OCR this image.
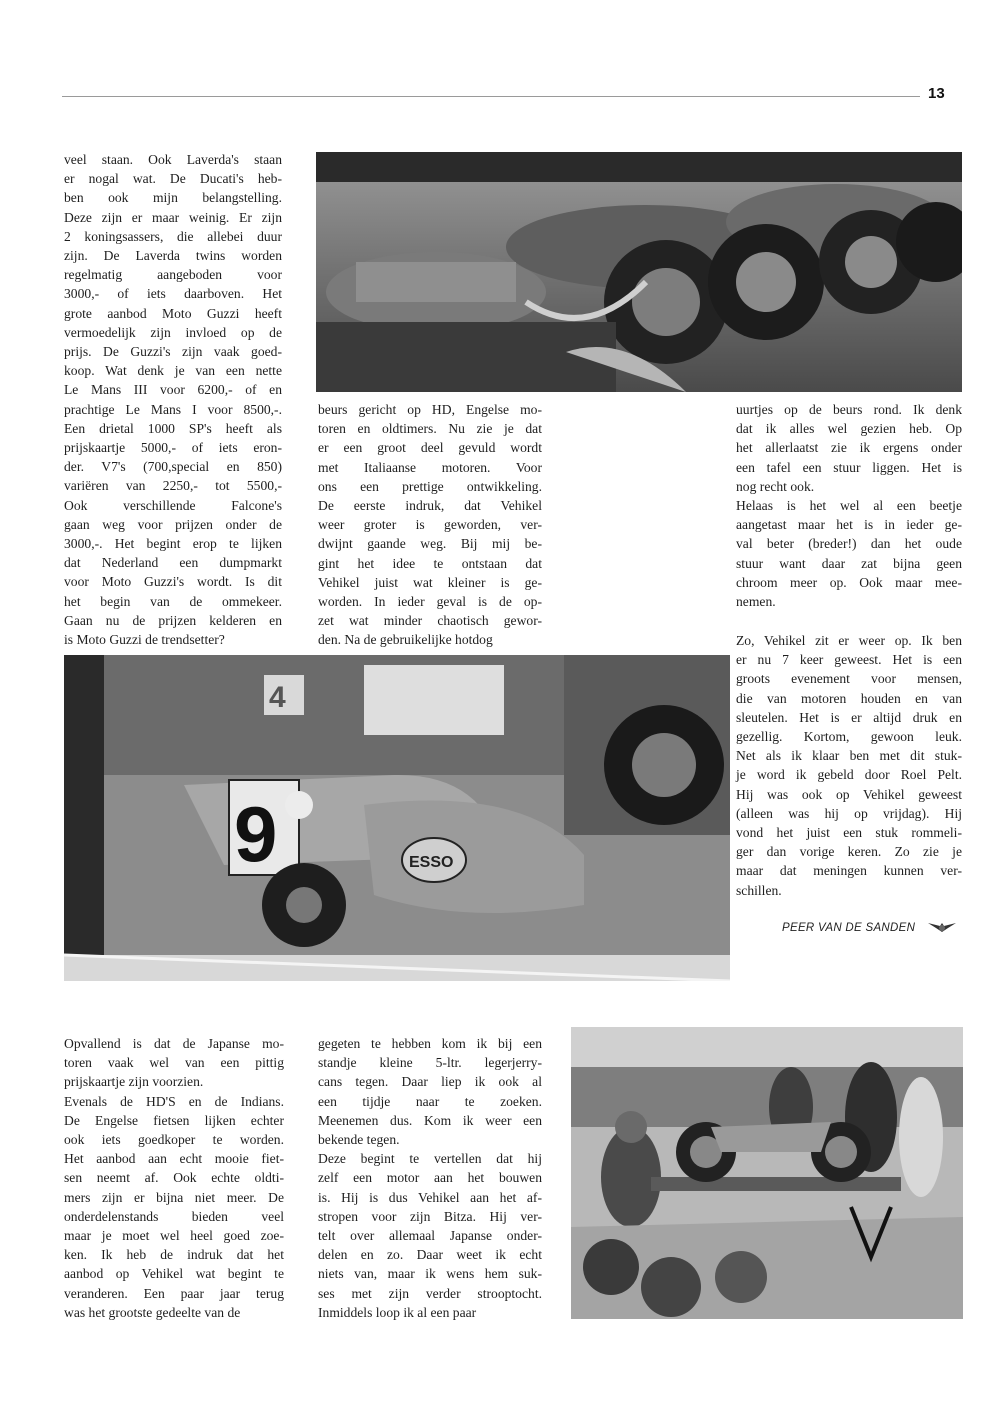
13

veel staan. Ook Laverda's staan
er nogal wat. De Ducati's heb-
ben ook mijn belangstelling.
Deze zijn er maar weinig. Er zijn
2 koningsassers, die allebei duur
zijn. De Laverda twins worden
regelmatig aangeboden voor
3000,- of iets daarboven. Het
grote aanbod Moto Guzzi heeft
vermoedelijk zijn invloed op de
prijs. De Guzzi's zijn vaak goed-
koop. Wat denk je van een nette
Le Mans III voor 6200,- of en
prachtige Le Mans I voor 8500,-.
Een drietal 1000 SP's heeft als
prijskaartje 5000,- of iets eron-
der. V7's (700,special en 850)
variëren van 2250,- tot 5500,-
Ook verschillende Falcone's
gaan weg voor prijzen onder de
3000,-. Het begint erop te lijken
dat Nederland een dumpmarkt
voor Moto Guzzi's wordt. Is dit
het begin van de ommekeer.
Gaan nu de prijzen kelderen en
is Moto Guzzi de trendsetter?

beurs gericht op HD, Engelse mo-
toren en oldtimers. Nu zie je dat
er een groot deel gevuld wordt
met Italiaanse motoren. Voor
ons een prettige ontwikkeling.
De eerste indruk, dat Vehikel
weer groter is geworden, ver-
dwijnt gaande weg. Bij mij be-
gint het idee te ontstaan dat
Vehikel juist wat kleiner is ge-
worden. In ieder geval is de op-
zet wat minder chaotisch gewor-
den. Na de gebruikelijke hotdog

uurtjes op de beurs rond. Ik denk
dat ik alles wel gezien heb. Op
het allerlaatst zie ik ergens onder
een tafel een stuur liggen. Het is
nog recht ook.
Helaas is het wel al een beetje
aangetast maar het is in ieder ge-
val beter (breder!) dan het oude
stuur want daar zat bijna geen
chroom meer op. Ook maar mee-
nemen.

Zo, Vehikel zit er weer op. Ik ben
er nu 7 keer geweest. Het is een
groots evenement voor mensen,
die van motoren houden en van
sleutelen. Het is er altijd druk en
gezellig. Kortom, gewoon leuk.
Net als ik klaar ben met dit stuk-
je word ik gebeld door Roel Pelt.
Hij was ook op Vehikel geweest
(alleen was hij op vrijdag). Hij
vond het juist een stuk rommeli-
ger dan vorige keren. Zo zie je
maar dat meningen kunnen ver-
schillen.

4
9	ESSO
PEER VAN DE SANDEN

Opvallend is dat de Japanse mo-
toren vaak wel van een pittig
prijskaartje zijn voorzien.
Evenals de HD'S en de Indians.
De Engelse fietsen lijken echter
ook iets goedkoper te worden.
Het aanbod aan echt mooie fiet-
sen neemt af. Ook echte oldti-
mers zijn er bijna niet meer. De
onderdelenstands bieden veel
maar je moet wel heel goed zoe-
ken. Ik heb de indruk dat het
aanbod op Vehikel wat begint te
veranderen. Een paar jaar terug
was het grootste gedeelte van de

gegeten te hebben kom ik bij een
standje kleine 5-ltr. legerjerry-
cans tegen. Daar liep ik ook al
een tijdje naar te zoeken.
Meenemen dus. Kom ik weer een
bekende tegen.
Deze begint te vertellen dat hij
zelf een motor aan het bouwen
is. Hij is dus Vehikel aan het af-
stropen voor zijn Bitza. Hij ver-
telt over allemaal Japanse onder-
delen en zo. Daar weet ik echt
niets van, maar ik wens hem suk-
ses met zijn verder strooptocht.
Inmiddels loop ik al een paar
